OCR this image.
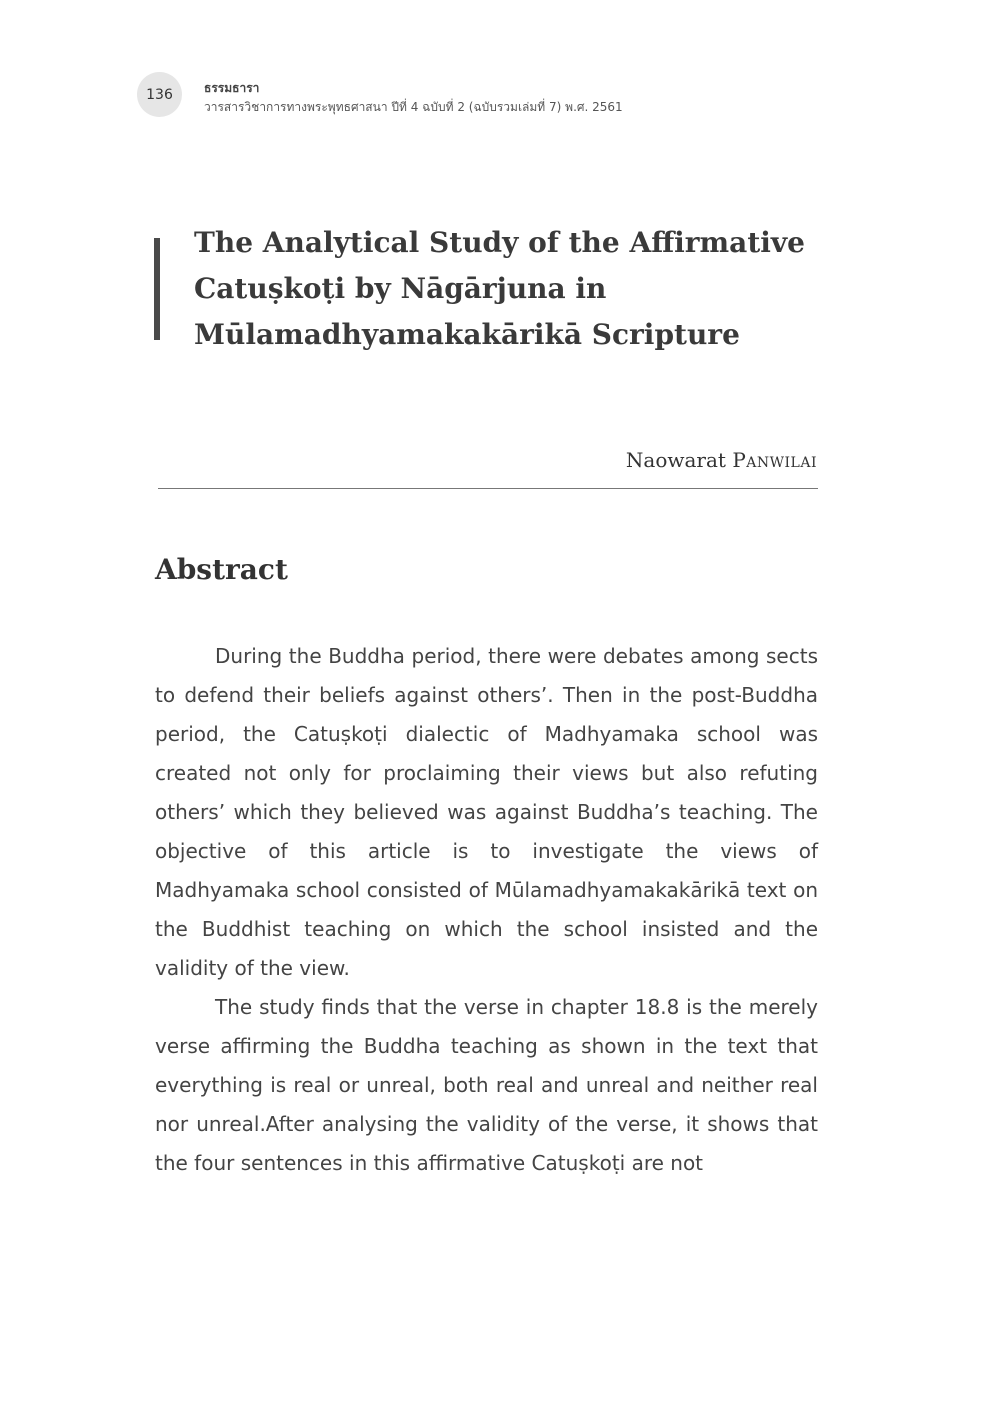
136	ธรรมธารา
วารสารวิชาการทางพระพุทธศาสนา ปีที่ 4 ฉบับที่ 2 (ฉบับรวมเล่มที่ 7) พ.ศ. 2561
The Analytical Study of the Affirmative
Catuṣkoṭi by Nāgārjuna in
Mūlamadhyamakakārikā Scripture
Naowarat Panwilai
Abstract

During the Buddha period, there were debates among sects to defend their beliefs against others’. Then in the post-Buddha period, the Catuṣkoṭi dialectic of Madhyamaka school was created not only for proclaiming their views but also refuting others’ which they believed was against Buddha’s teaching. The objective of this article is to investigate the views of Madhyamaka school consisted of Mūlamadhyamakakārikā text on the Buddhist teaching on which the school insisted and the validity of the view.

The study finds that the verse in chapter 18.8 is the merely verse affirming the Buddha teaching as shown in the text that everything is real or unreal, both real and unreal and neither real nor unreal.After analysing the validity of the verse, it shows that the four sentences in this affirmative Catuṣkoṭi are not
